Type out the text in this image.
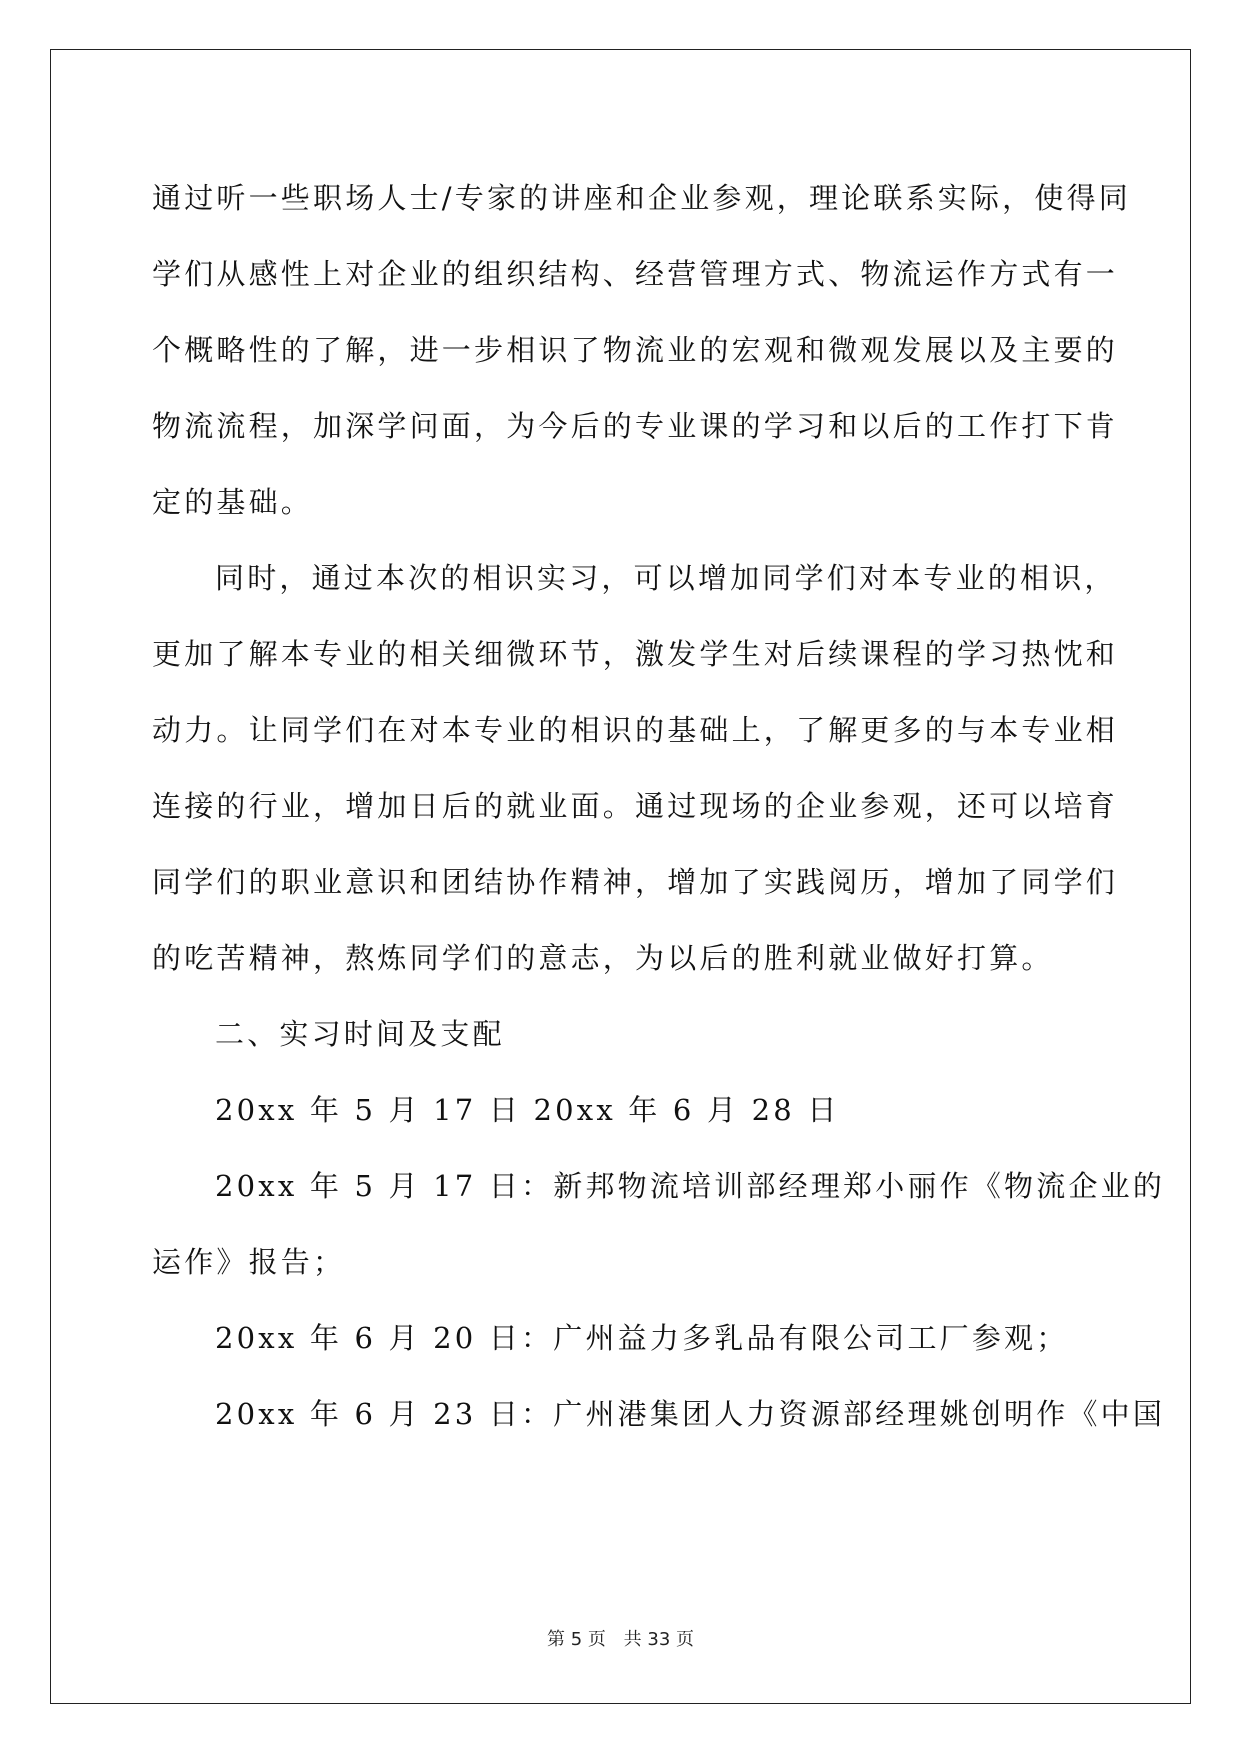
通过听一些职场人士/专家的讲座和企业参观，理论联系实际，使得同
学们从感性上对企业的组织结构、经营管理方式、物流运作方式有一
个概略性的了解，进一步相识了物流业的宏观和微观发展以及主要的
物流流程，加深学问面，为今后的专业课的学习和以后的工作打下肯
定的基础。
同时，通过本次的相识实习，可以增加同学们对本专业的相识，
更加了解本专业的相关细微环节，激发学生对后续课程的学习热忱和
动力。让同学们在对本专业的相识的基础上，了解更多的与本专业相
连接的行业，增加日后的就业面。通过现场的企业参观，还可以培育
同学们的职业意识和团结协作精神，增加了实践阅历，增加了同学们
的吃苦精神，熬炼同学们的意志，为以后的胜利就业做好打算。
二、实习时间及支配
20xx 年 5 月 17 日 20xx 年 6 月 28 日
20xx 年 5 月 17 日：新邦物流培训部经理郑小丽作《物流企业的
运作》报告；
20xx 年 6 月 20 日：广州益力多乳品有限公司工厂参观；
20xx 年 6 月 23 日：广州港集团人力资源部经理姚创明作《中国
第 5 页 共 33 页
